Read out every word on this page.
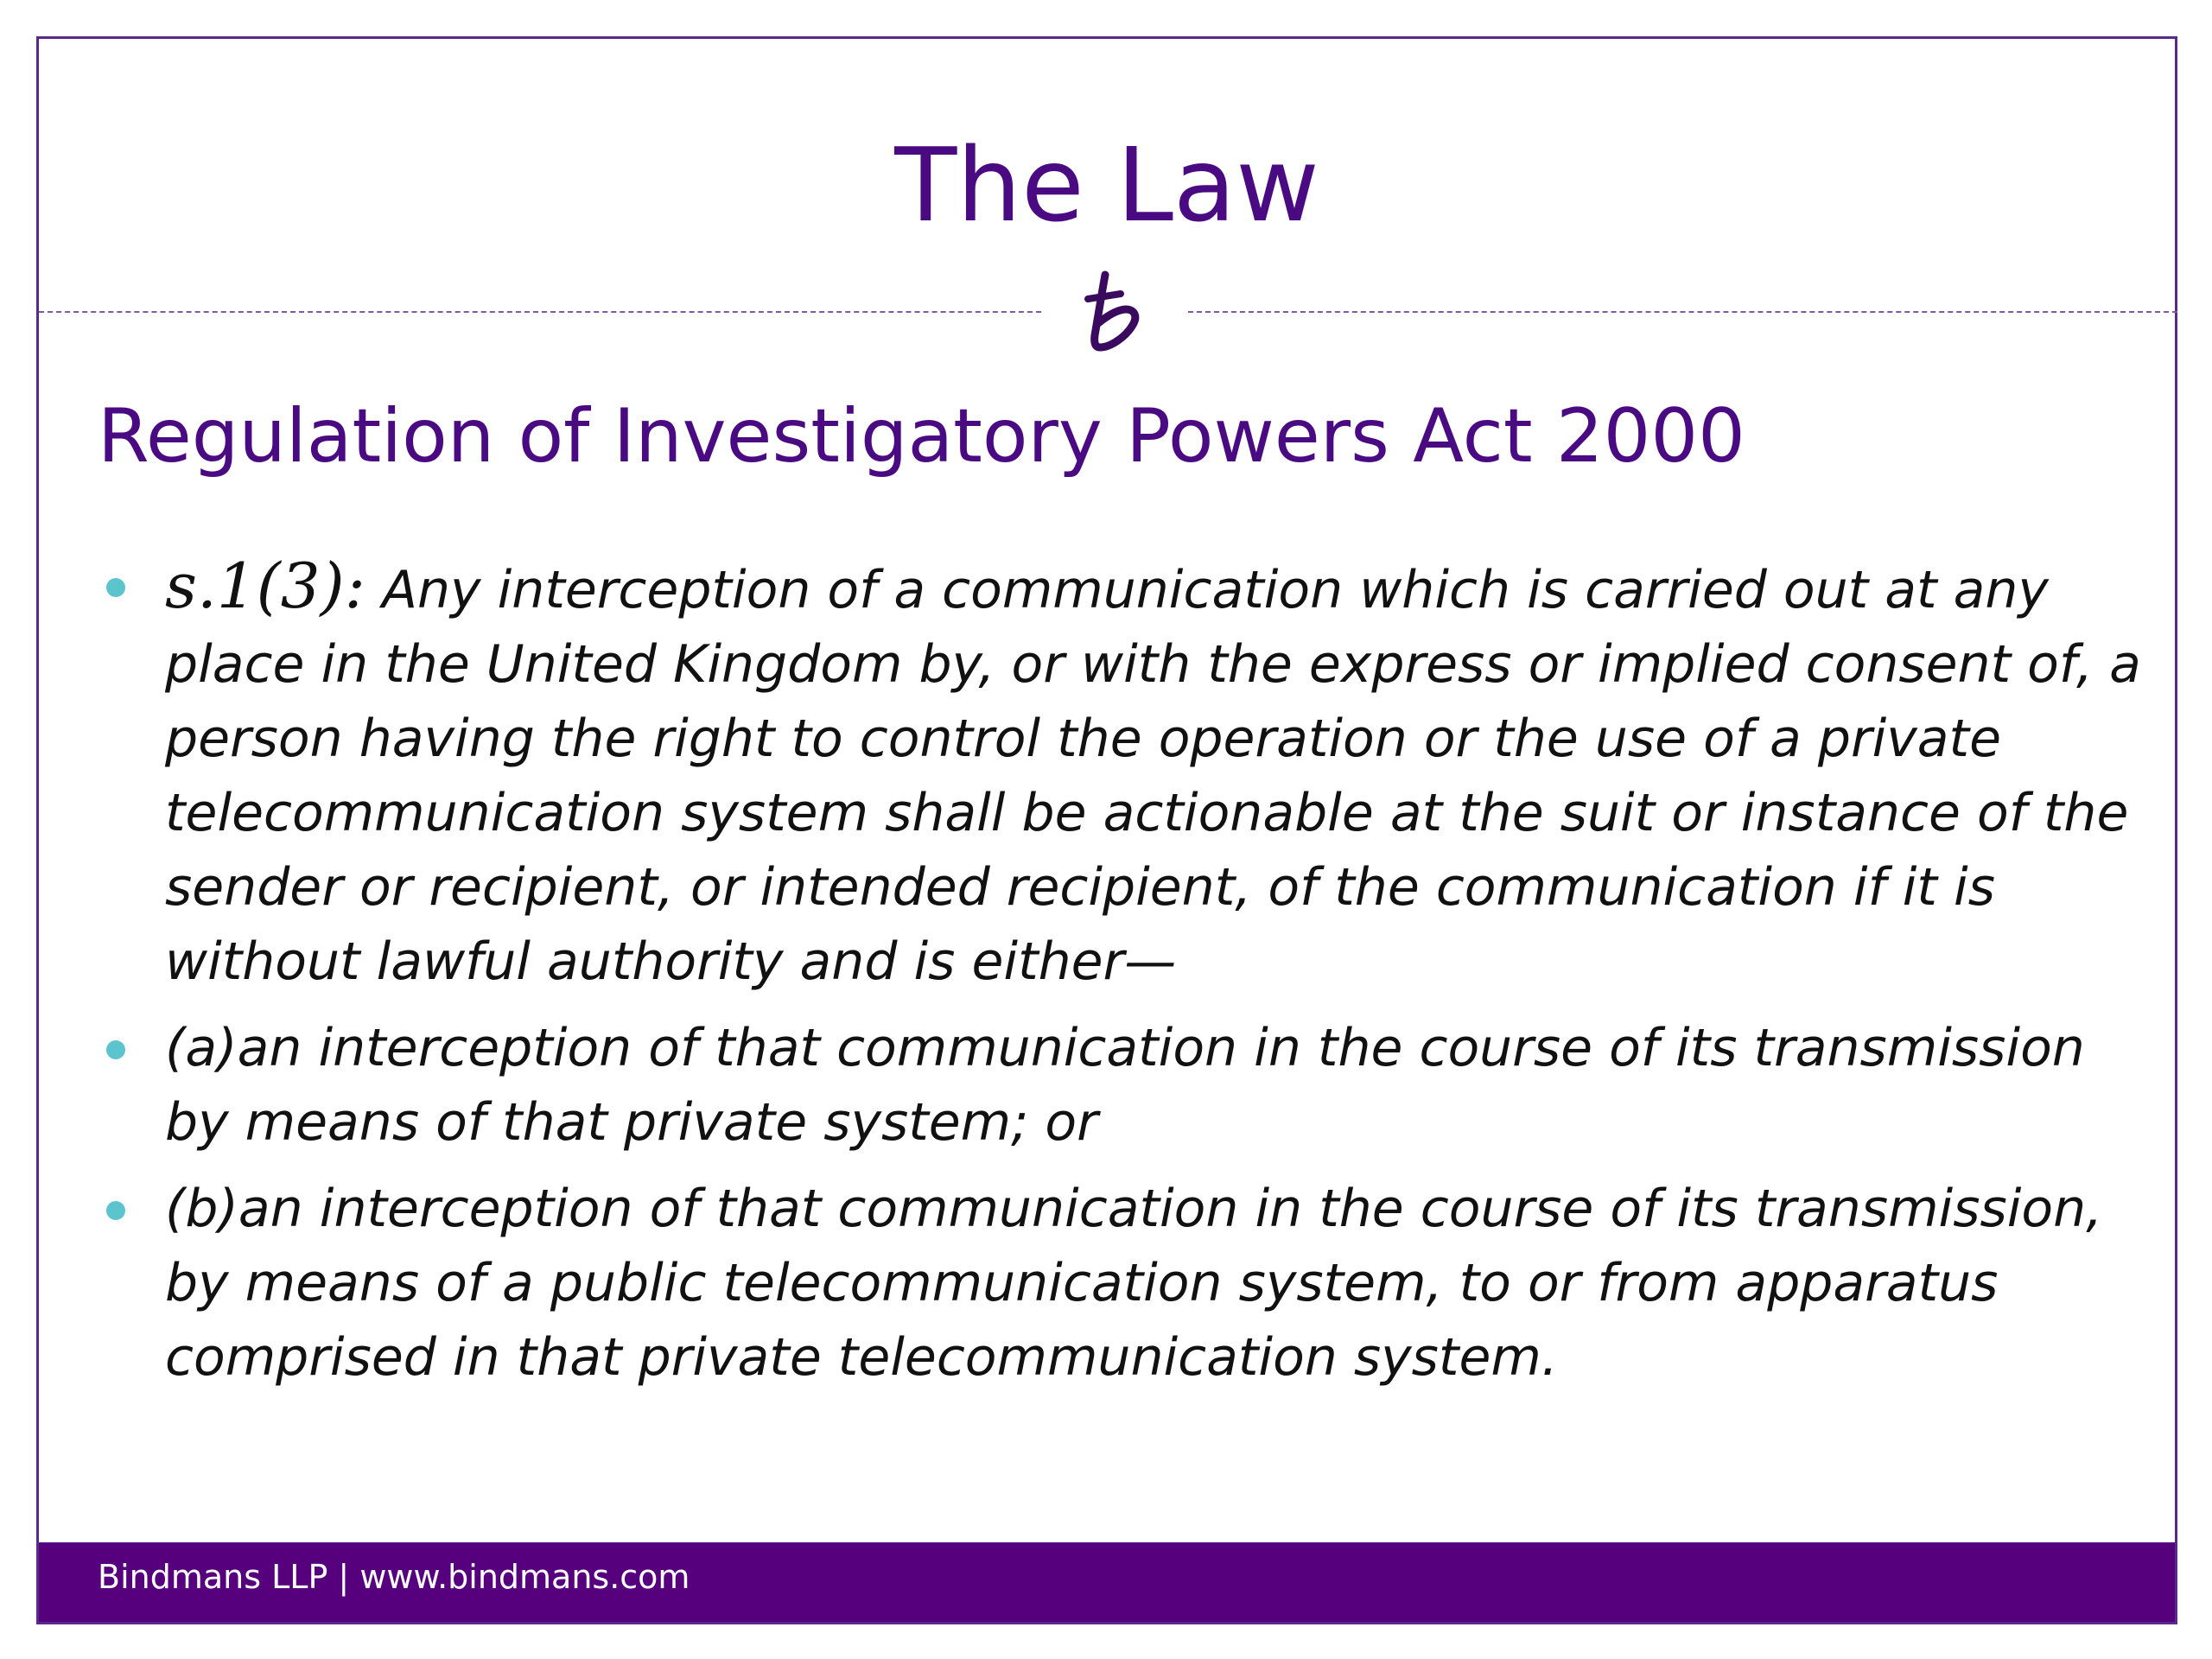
The Law
Regulation of Investigatory Powers Act 2000
s.1(3): Any interception of a communication which is carried out at any place in the United Kingdom by, or with the express or implied consent of, a person having the right to control the operation or the use of a private telecommunication system shall be actionable at the suit or instance of the sender or recipient, or intended recipient, of the communication if it is without lawful authority and is either—
(a)an interception of that communication in the course of its transmission by means of that private system; or
(b)an interception of that communication in the course of its transmission, by means of a public telecommunication system, to or from apparatus comprised in that private telecommunication system.
Bindmans LLP | www.bindmans.com
